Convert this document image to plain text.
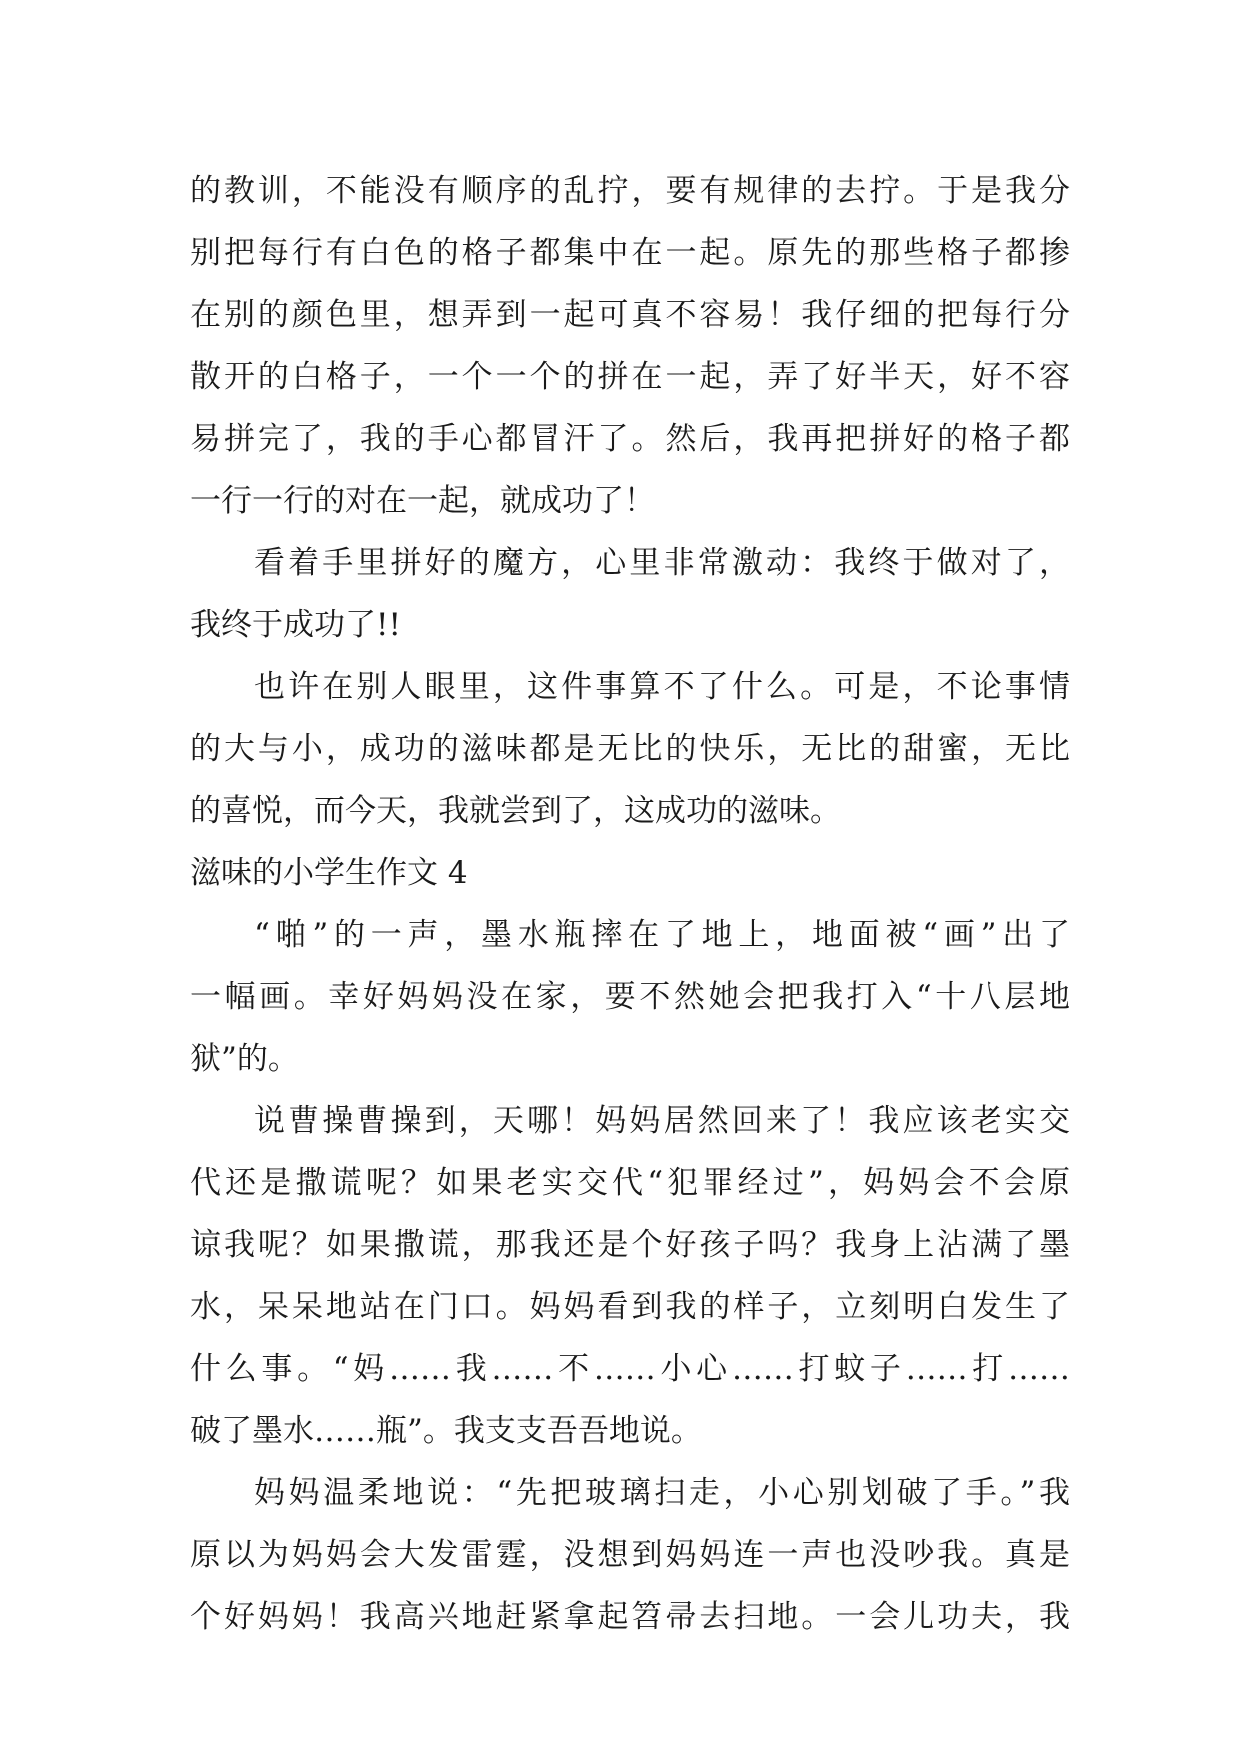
的教训，不能没有顺序的乱拧，要有规律的去拧。于是我分
别把每行有白色的格子都集中在一起。原先的那些格子都掺
在别的颜色里，想弄到一起可真不容易！我仔细的把每行分
散开的白格子，一个一个的拼在一起，弄了好半天，好不容
易拼完了，我的手心都冒汗了。然后，我再把拼好的格子都
一行一行的对在一起，就成功了！
看着手里拼好的魔方，心里非常激动：我终于做对了，
我终于成功了!!
也许在别人眼里，这件事算不了什么。可是，不论事情
的大与小，成功的滋味都是无比的快乐，无比的甜蜜，无比
的喜悦，而今天，我就尝到了，这成功的滋味。
滋味的小学生作文 4
“啪”的一声，墨水瓶摔在了地上，地面被“画”出了
一幅画。幸好妈妈没在家，要不然她会把我打入“十八层地
狱”的。
说曹操曹操到，天哪！妈妈居然回来了！我应该老实交
代还是撒谎呢？如果老实交代“犯罪经过”，妈妈会不会原
谅我呢？如果撒谎，那我还是个好孩子吗？我身上沾满了墨
水，呆呆地站在门口。妈妈看到我的样子，立刻明白发生了
什么事。“妈……我……不……小心……打蚊子……打……
破了墨水……瓶”。我支支吾吾地说。
妈妈温柔地说：“先把玻璃扫走，小心别划破了手。”我
原以为妈妈会大发雷霆，没想到妈妈连一声也没吵我。真是
个好妈妈！我高兴地赶紧拿起笤帚去扫地。一会儿功夫，我
